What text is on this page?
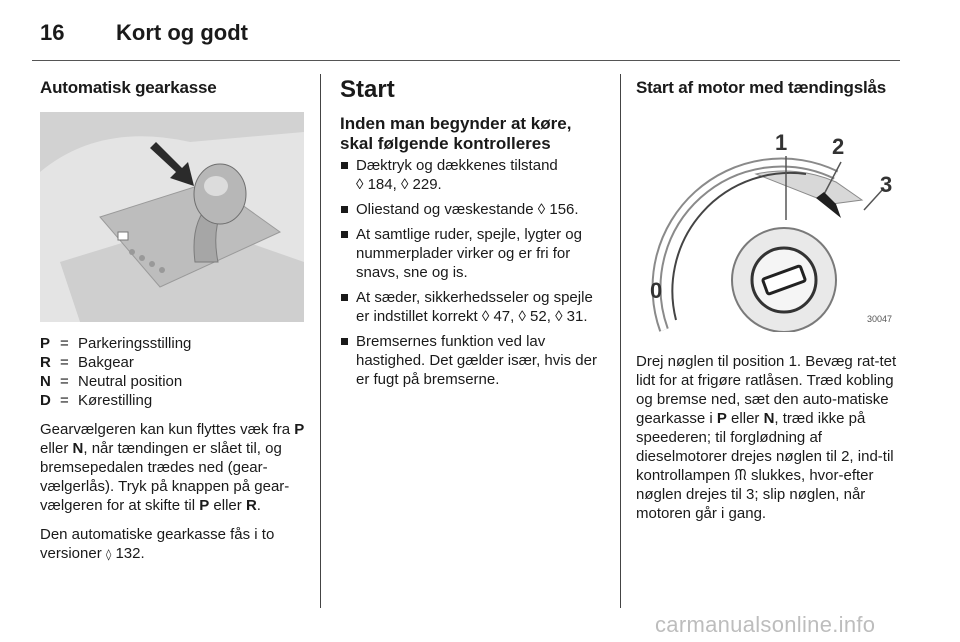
16 Kort og godt
Automatisk gearkasse
P = Parkeringsstilling
R = Bakgear
N = Neutral position
D = Kørestilling

Gearvælgeren kan kun flyttes væk fra P eller N, når tændingen er slået til, og bremsepedalen trædes ned (gear-vælgerlås). Tryk på knappen på gear-vælgeren for at skifte til P eller R.

Den automatiske gearkasse fås i to versioner ◊ 132.

Start
Inden man begynder at køre, skal følgende kontrolleres
Dæktryk og dækkenes tilstand
◊ 184, ◊ 229.
Oliestand og væskestande ◊ 156.
At samtlige ruder, spejle, lygter og nummerplader virker og er fri for snavs, sne og is.
At sæder, sikkerhedsseler og spejle er indstillet korrekt ◊ 47, ◊ 52, ◊ 31.
Bremsernes funktion ved lav hastighed. Det gælder især, hvis der er fugt på bremserne.
Start af motor med tændingslås
0
1 2
3
30047

Drej nøglen til position 1. Bevæg rat-tet lidt for at frigøre ratlåsen. Træd kobling og bremse ned, sæt den auto-matiske gearkasse i P eller N, træd ikke på speederen; til forglødning af dieselmotorer drejes nøglen til 2, ind-til kontrollampen ᙏ slukkes, hvor-efter nøglen drejes til 3; slip nøglen, når motoren går i gang.

carmanualsonline.info
